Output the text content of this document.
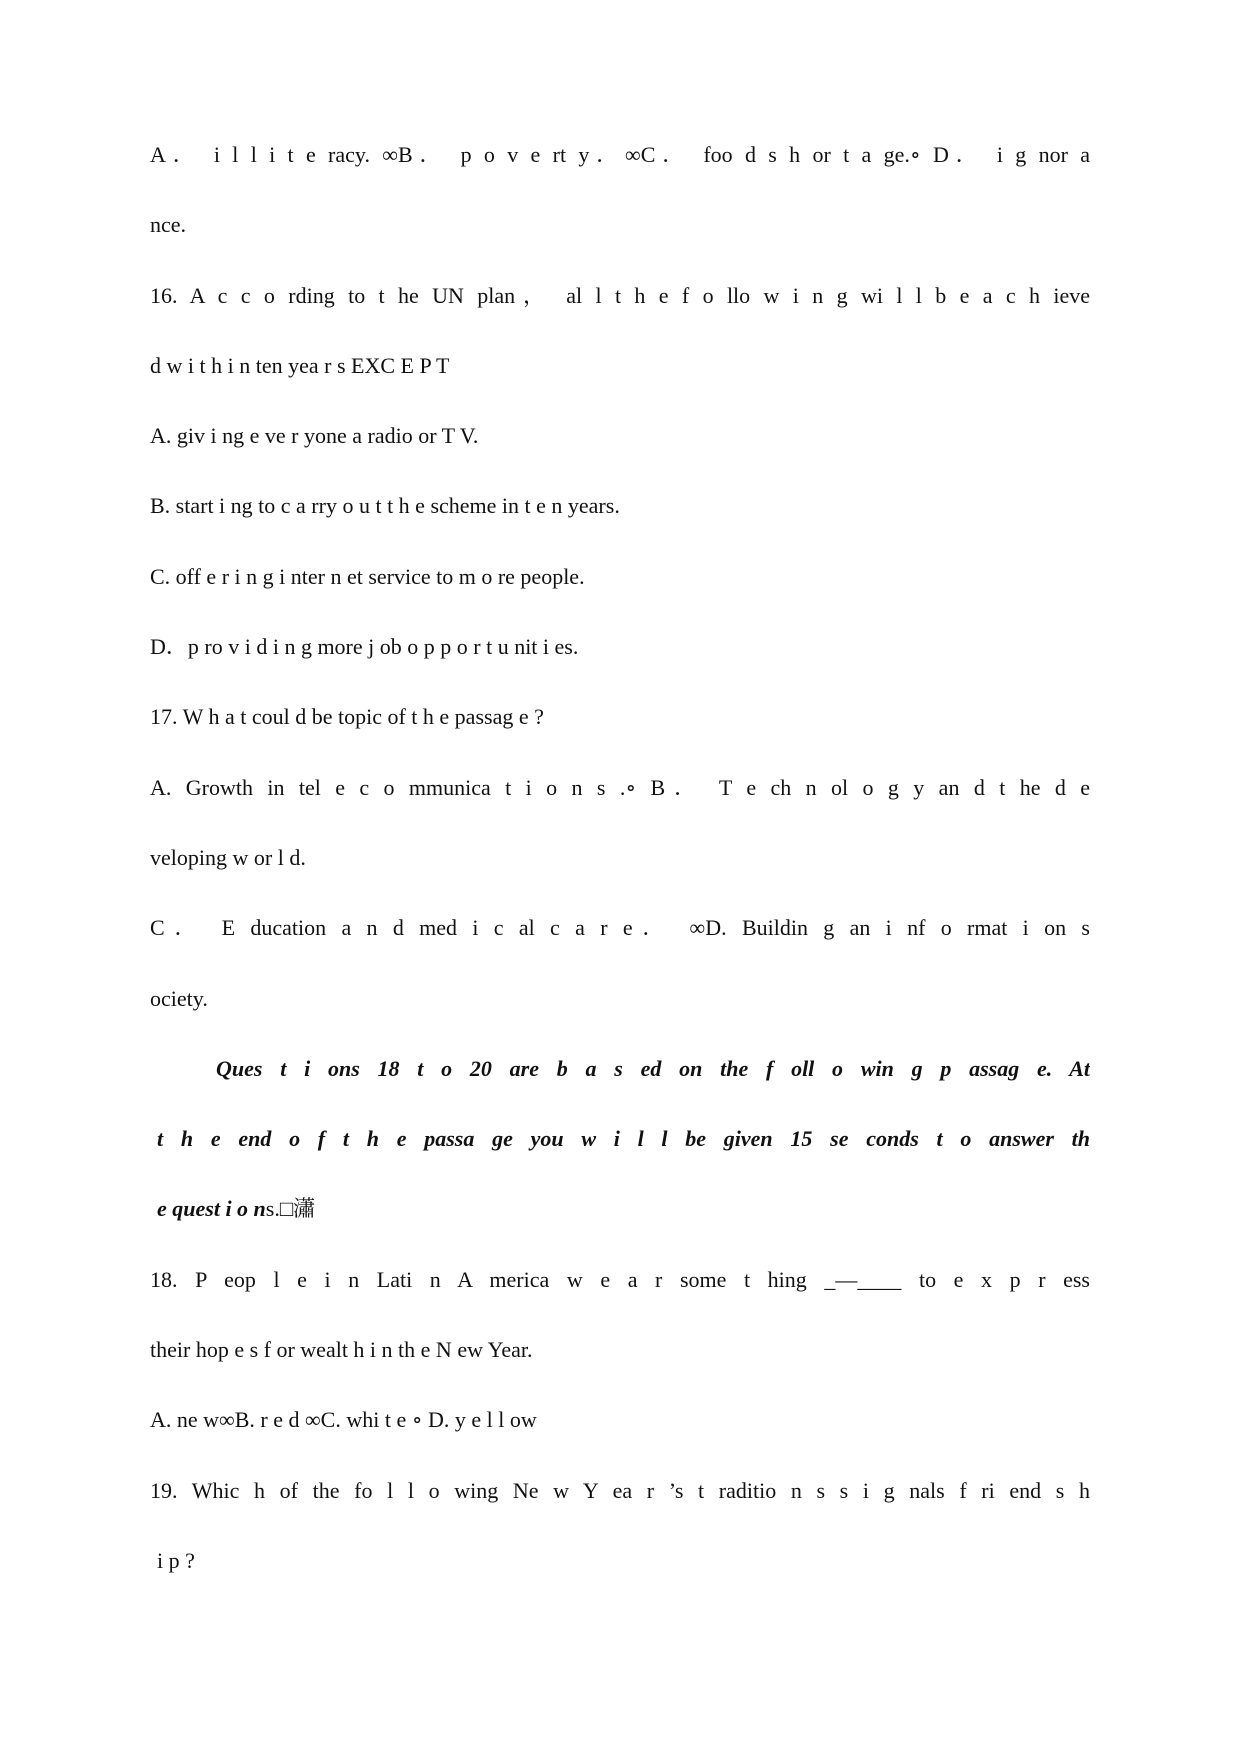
A． i l l i t e racy. ∞B． p o v e rt y．∞C． foo d s h or t a ge.∘ D． i g nor a
nce.
16. A c c o rding to t he UN plan， al l t h e f o llo w i n g wi l l b e a c h ieve
d w i t h i n ten yea r s EXC E P T
A. giv i ng e ve r yone a radio or T V.
B. start i ng to c a rry o u t t h e scheme in t e n years.
C. off e r i n g i nter n et service to m o re people.
D．p ro v i d i n g more j ob o p p o r t u nit i es.
17. W h a t coul d be topic of t h e passag e ?
A. Growth in tel e c o mmunica t i o n s .∘ B． T e ch n ol o g y an d t he d e
veloping w or l d.
C． E ducation a n d med i c al c a r e． ∞D. Buildin g an i nf o rmat i on s
ociety.
Ques t i ons 18 t o 20 are b a s ed on the f oll o win g p assag e. At
t h e end o f t h e passa ge you w i l l be given 15 se conds t o answer th
e quest i o ns.□瀟
18. P eop l e i n Lati n A merica w e a r some t hing _—____ to e x p r ess
their hop e s f or wealt h i n th e N ew Year.
A. ne w∞B. r e d ∞C. whi t e ∘ D. y e l l ow
19. Whic h of the fo l l o wing Ne w Y ea r ’s t raditio n s s i g nals f ri end s h
i p ?
